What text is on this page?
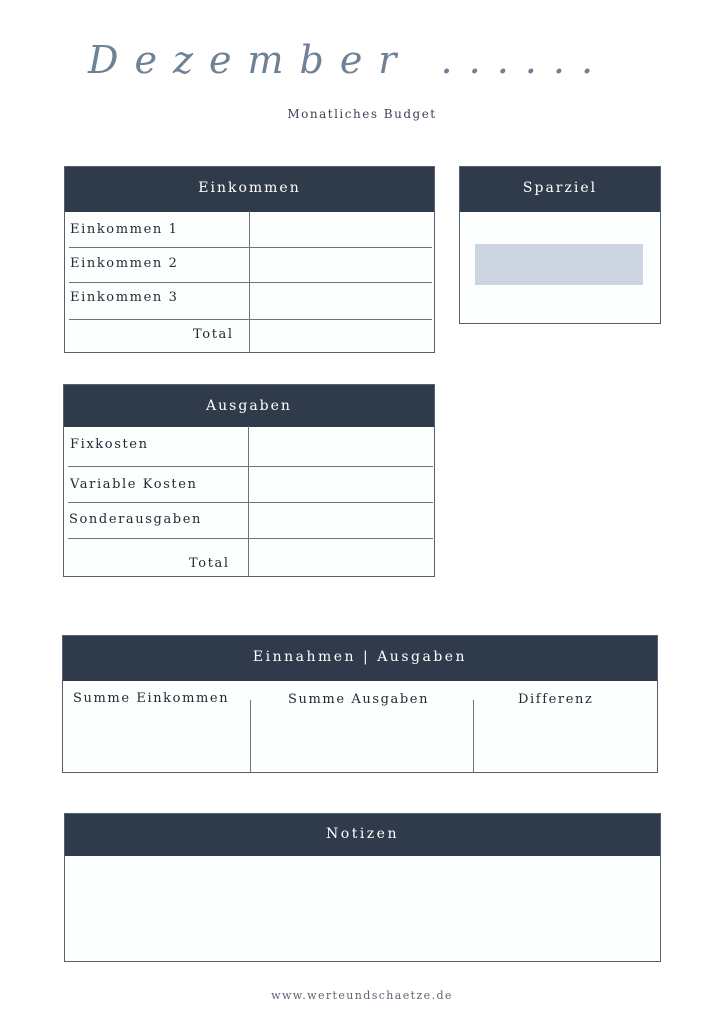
Dezember ......
Monatliches Budget
Einkommen
Einkommen 1
Einkommen 2
Einkommen 3
Total
Sparziel
Ausgaben
Fixkosten
Variable Kosten
Sonderausgaben
Total
Einnahmen | Ausgaben
Summe Einkommen	Summe Ausgaben	Differenz
Notizen
www.werteundschaetze.de
